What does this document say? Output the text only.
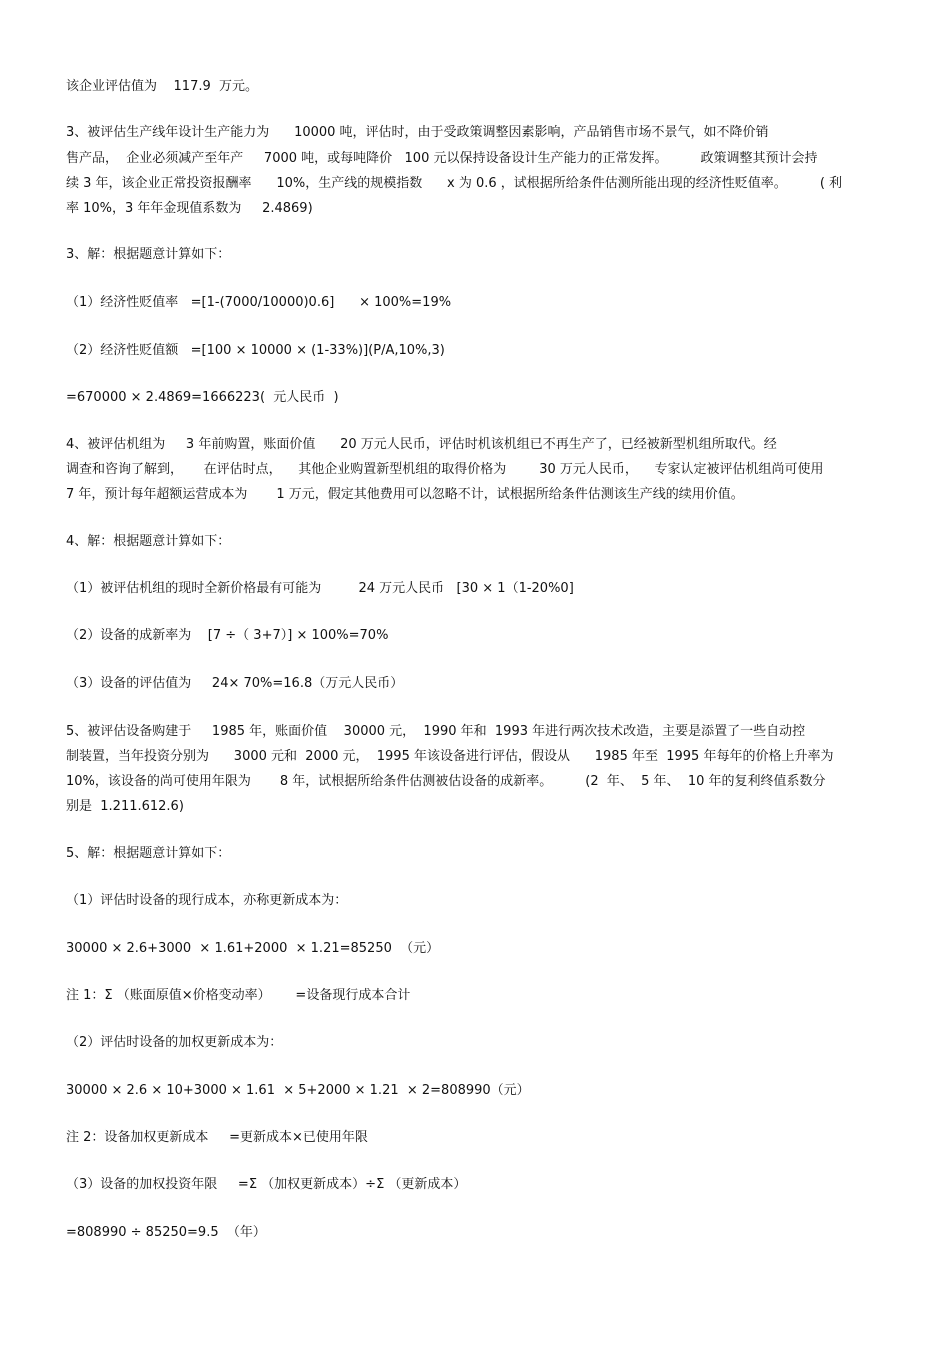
该企业评估值为    117.9  万元。
3、被评估生产线年设计生产能力为      10000 吨，评估时，由于受政策调整因素影响，产品销售市场不景气，如不降价销
售产品，  企业必须减产至年产     7000 吨，或每吨降价   100 元以保持设备设计生产能力的正常发挥。        政策调整其预计会持
续 3 年，该企业正常投资报酬率      10%，生产线的规模指数      x 为 0.6 ，试根据所给条件估测所能出现的经济性贬值率。        ( 利
率 10%，3 年年金现值系数为     2.4869)
3、解：根据题意计算如下：
（1）经济性贬值率   =[1-(7000/10000)0.6]      × 100%=19%
（2）经济性贬值额   =[100 × 10000 × (1-33%)](P/A,10%,3)
=670000 × 2.4869=1666223(  元人民币  )
4、被评估机组为     3 年前购置，账面价值      20 万元人民币，评估时机该机组已不再生产了，已经被新型机组所取代。经
调查和咨询了解到，     在评估时点，    其他企业购置新型机组的取得价格为        30 万元人民币，    专家认定被评估机组尚可使用
7 年，预计每年超额运营成本为       1 万元，假定其他费用可以忽略不计，试根据所给条件估测该生产线的续用价值。
4、解：根据题意计算如下：
（1）被评估机组的现时全新价格最有可能为         24 万元人民币   [30 × 1（1-20%0]
（2）设备的成新率为    [7 ÷（ 3+7）] × 100%=70%
（3）设备的评估值为     24× 70%=16.8（万元人民币）
5、被评估设备购建于     1985 年，账面价值    30000 元，  1990 年和  1993 年进行两次技术改造，主要是添置了一些自动控
制装置，当年投资分别为      3000 元和  2000 元，  1995 年该设备进行评估，假设从      1985 年至  1995 年每年的价格上升率为
10%，该设备的尚可使用年限为       8 年，试根据所给条件估测被估设备的成新率。        (2  年、  5 年、  10 年的复利终值系数分
别是  1.211.612.6)
5、解：根据题意计算如下：
（1）评估时设备的现行成本，亦称更新成本为：
30000 × 2.6+3000  × 1.61+2000  × 1.21=85250  （元）
注 1：Σ （账面原值×价格变动率）      =设备现行成本合计
（2）评估时设备的加权更新成本为：
30000 × 2.6 × 10+3000 × 1.61  × 5+2000 × 1.21  × 2=808990（元）
注 2：设备加权更新成本     =更新成本×已使用年限
（3）设备的加权投资年限     =Σ （加权更新成本）÷Σ （更新成本）
=808990 ÷ 85250=9.5  （年）
